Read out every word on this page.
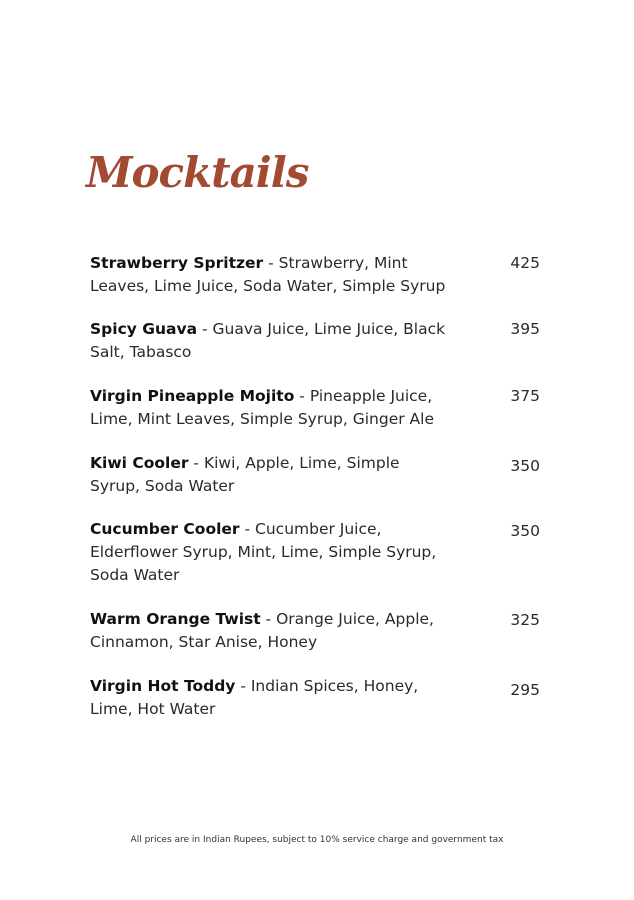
Mocktails
Strawberry Spritzer - Strawberry, Mint Leaves, Lime Juice, Soda Water, Simple Syrup
425
Spicy Guava - Guava Juice, Lime Juice, Black Salt, Tabasco
395
Virgin Pineapple Mojito - Pineapple Juice, Lime, Mint Leaves, Simple Syrup, Ginger Ale
375
Kiwi Cooler - Kiwi, Apple, Lime, Simple Syrup, Soda Water
350
Cucumber Cooler - Cucumber Juice, Elderflower Syrup, Mint, Lime, Simple Syrup, Soda Water
350
Warm Orange Twist - Orange Juice, Apple, Cinnamon, Star Anise, Honey
325
Virgin Hot Toddy - Indian Spices, Honey, Lime, Hot Water
295
All prices are in Indian Rupees, subject to 10% service charge and government tax
